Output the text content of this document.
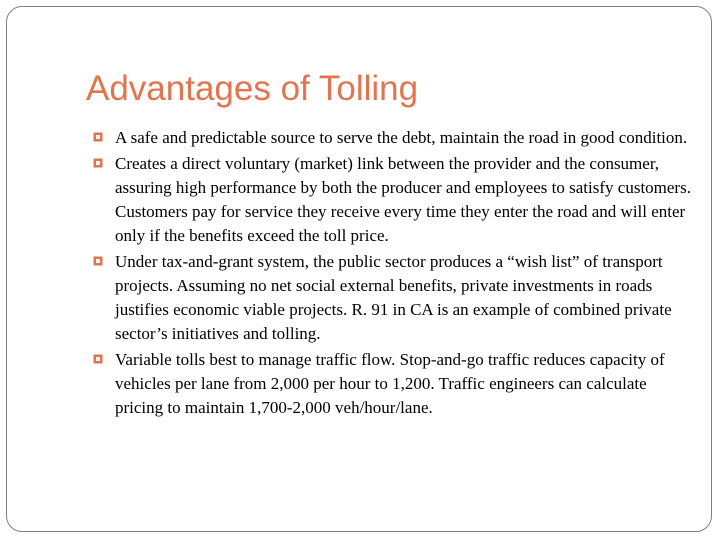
Advantages of Tolling
A safe and predictable source to serve the debt, maintain the road in good condition.
Creates a direct voluntary (market) link between the provider and the consumer, assuring high performance by both the producer and employees to satisfy customers. Customers pay for service they receive every time they enter the road and will enter only if the benefits exceed the toll price.
Under tax-and-grant system, the public sector produces a “wish list” of transport projects. Assuming no net social external benefits, private investments in roads justifies economic viable projects. R. 91 in CA is an example of combined private sector’s initiatives and tolling.
Variable tolls best to manage traffic flow. Stop-and-go traffic reduces capacity of vehicles per lane from 2,000 per hour to 1,200. Traffic engineers can calculate pricing to maintain 1,700-2,000 veh/hour/lane.
